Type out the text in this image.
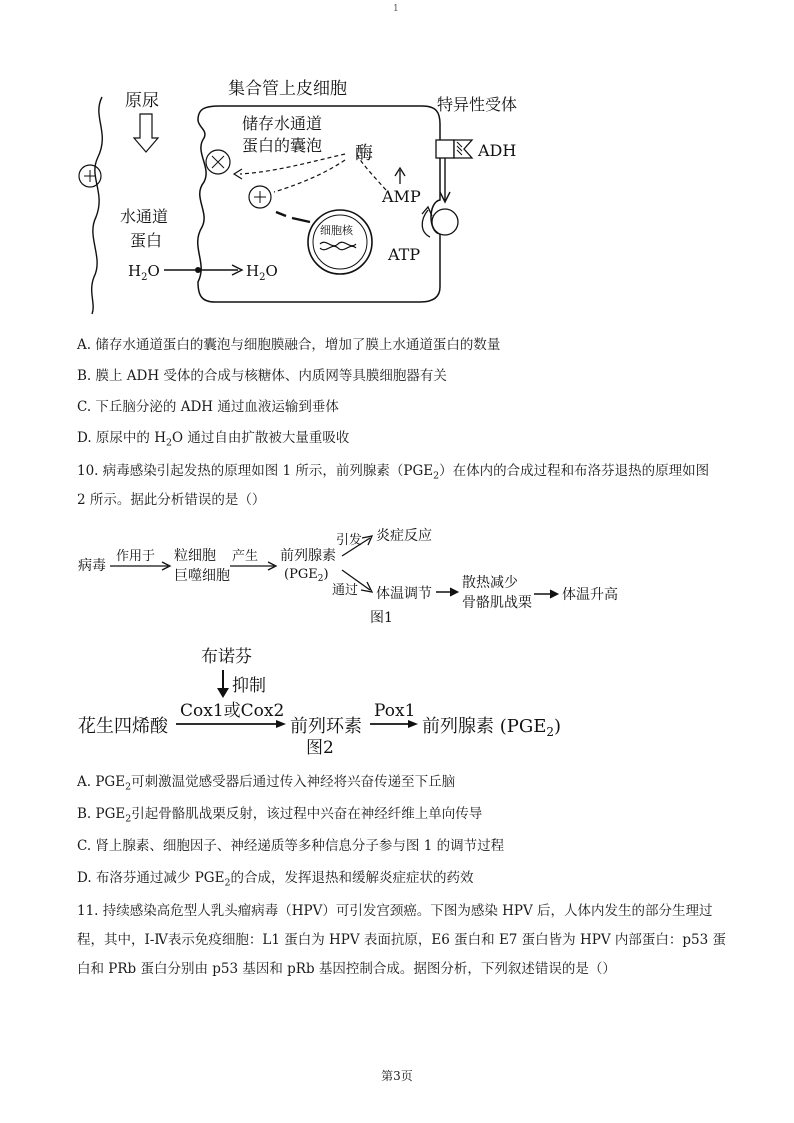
1
原尿
集合管上皮细胞
储存水通道
蛋白的囊泡 酶
细胞核
特异性受体
ADH
AMP
ATP
水通道
蛋白
$H_2O$	$H_2O$
A. 储存水通道蛋白的囊泡与细胞膜融合，增加了膜上水通道蛋白的数量
B. 膜上 ADH 受体的合成与核糖体、内质网等具膜细胞器有关
C. 下丘脑分泌的 ADH 通过血液运输到垂体
D. 原尿中的 $H_2O$ 通过自由扩散被大量重吸收
10. 病毒感染引起发热的原理如图 1 所示，前列腺素$(PGE_2)$在体内的合成过程和布洛芬退热的原理如图
2 所示。据此分析错误的是（）
病毒
作用于 粒细胞
巨噬细胞
产生 前列腺素
$(PGE_2)$
引发 炎症反应
通过 体温调节
散热减少
骨骼肌战栗 体温升高
图1
布诺芬
抑制
花生四烯酸
Cox1或Cox2
前列环素
Pox1
前列腺素 $(PGE_2)$
图2
A. $PGE_2$可刺激温觉感受器后通过传入神经将兴奋传递至下丘脑
B. $PGE_2$引起骨骼肌战栗反射，该过程中兴奋在神经纤维上单向传导
C. 肾上腺素、细胞因子、神经递质等多种信息分子参与图 1 的调节过程
D. 布洛芬通过减少 $PGE_2$的合成，发挥退热和缓解炎症症状的药效
11. 持续感染高危型人乳头瘤病毒（HPV）可引发宫颈癌。下图为感染 HPV 后，人体内发生的部分生理过
程，其中，I-Ⅳ表示免疫细胞：L1 蛋白为 HPV 表面抗原，E6 蛋白和 E7 蛋白皆为 HPV 内部蛋白：p53 蛋
白和 PRb 蛋白分别由 p53 基因和 pRb 基因控制合成。据图分析，下列叙述错误的是（）
第3页
